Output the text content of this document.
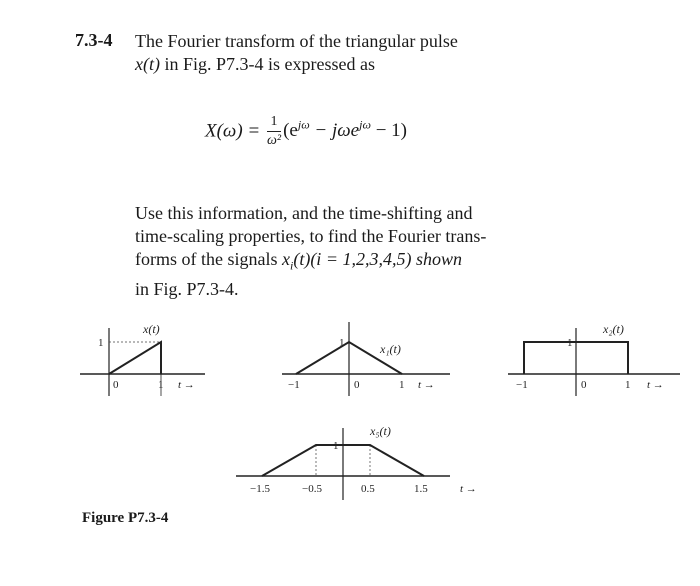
7.3-4 The Fourier transform of the triangular pulse
x(t) in Fig. P7.3-4 is expressed as
$X(\omega) = \frac{1}{\text{ω²}} (e^{j\omega} - j\omega e^{j\omega} - 1)$
Use this information, and the time-shifting and
time-scaling properties, to find the Fourier trans-
forms of the signals $x_i(t)(i = 1,2,3,4,5)$ shown
in Fig. P7.3-4.
1
x(t)
0	1 t →
1	x₁(t)
−1	0	1 t →
1
x₂(t)
−1	0	1 t →
1
x₅(t)
−1.5	−0.5	0.5	1.5	t →
Figure P7.3-4
